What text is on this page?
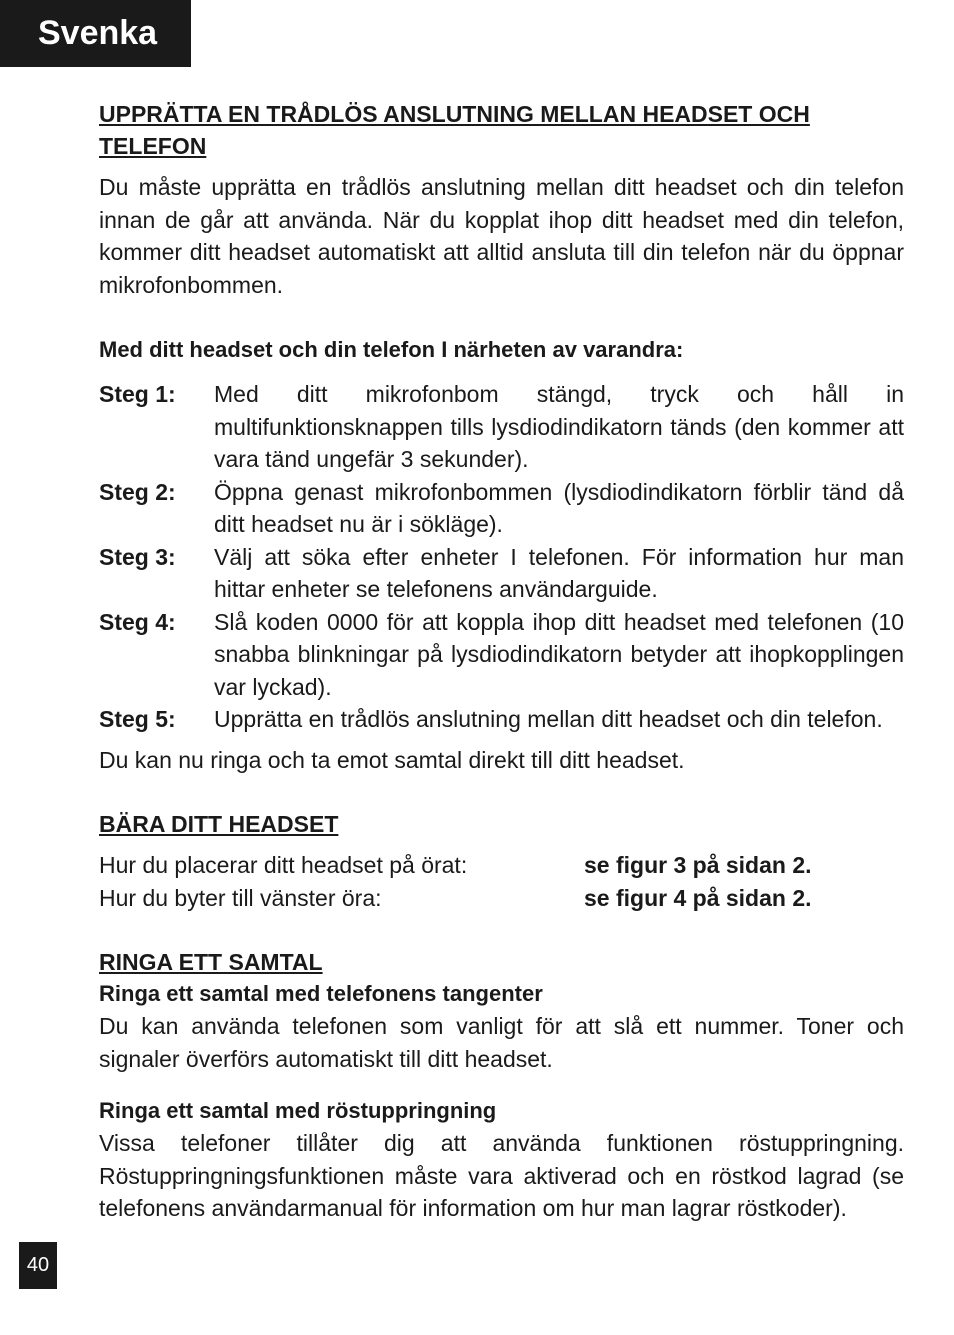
Svenka
UPPRÄTTA EN TRÅDLÖS ANSLUTNING MELLAN HEADSET OCH TELEFON

Du måste upprätta en trådlös anslutning mellan ditt headset och din telefon innan de går att använda. När du kopplat ihop ditt headset med din telefon, kommer ditt headset automatiskt att alltid ansluta till din telefon när du öppnar mikrofonbommen.

Med ditt headset och din telefon I närheten av varandra:
Steg 1:	Med ditt mikrofonbom stängd, tryck och håll in multifunktionsknappen tills lysdiodindikatorn tänds (den kommer att vara tänd ungefär 3 sekunder).
Steg 2:	Öppna genast mikrofonbommen (lysdiodindikatorn förblir tänd då ditt headset nu är i sökläge).
Steg 3:	Välj att söka efter enheter I telefonen. För information hur man hittar enheter se telefonens användarguide.
Steg 4:	Slå koden 0000 för att koppla ihop ditt headset med telefonen (10 snabba blinkningar på lysdiodindikatorn betyder att ihopkopplingen var lyckad).
Steg 5:	Upprätta en trådlös anslutning mellan ditt headset och din telefon.

Du kan nu ringa och ta emot samtal direkt till ditt headset.

BÄRA DITT HEADSET
Hur du placerar ditt headset på örat:	se figur 3 på sidan 2.
Hur du byter till vänster öra:	se figur 4 på sidan 2.
RINGA ETT SAMTAL
Ringa ett samtal med telefonens tangenter

Du kan använda telefonen som vanligt för att slå ett nummer. Toner och signaler överförs automatiskt till ditt headset.

Ringa ett samtal med röstuppringning

Vissa telefoner tillåter dig att använda funktionen röstuppringning. Röstuppringningsfunktionen måste vara aktiverad och en röstkod lagrad (se telefonens användarmanual för information om hur man lagrar röstkoder).

40
